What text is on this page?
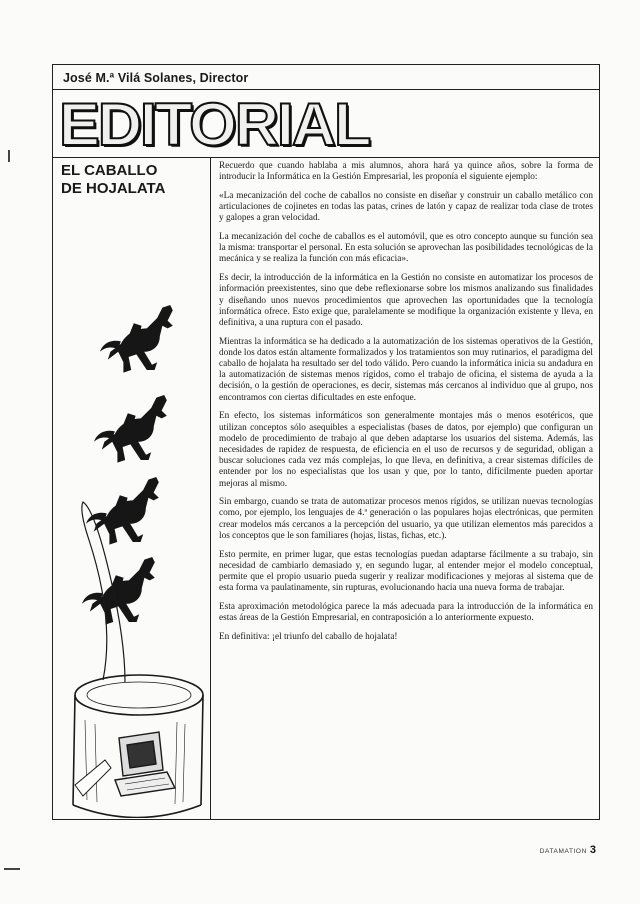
José M.ª Vilá Solanes, Director
EDITORIAL
EL CABALLO
DE HOJALATA

Recuerdo que cuando hablaba a mis alumnos, ahora hará ya quince años, sobre la forma de introducir la Informática en la Gestión Empresarial, les proponía el siguiente ejemplo:

«La mecanización del coche de caballos no consiste en diseñar y construir un caballo metálico con articulaciones de cojinetes en todas las patas, crines de latón y capaz de realizar toda clase de trotes y galopes a gran velocidad.

La mecanización del coche de caballos es el automóvil, que es otro concepto aunque su función sea la misma: transportar el personal. En esta solución se aprovechan las posibilidades tecnológicas de la mecánica y se realiza la función con más eficacia».

Es decir, la introducción de la informática en la Gestión no consiste en automatizar los procesos de información preexistentes, sino que debe reflexionarse sobre los mismos analizando sus finalidades y diseñando unos nuevos procedimientos que aprovechen las oportunidades que la tecnología informática ofrece. Esto exige que, paralelamente se modifique la organización existente y lleva, en definitiva, a una ruptura con el pasado.

Mientras la informática se ha dedicado a la automatización de los sistemas operativos de la Gestión, donde los datos están altamente formalizados y los tratamientos son muy rutinarios, el paradigma del caballo de hojalata ha resultado ser del todo válido. Pero cuando la informática inicia su andadura en la automatización de sistemas menos rígidos, como el trabajo de oficina, el sistema de ayuda a la decisión, o la gestión de operaciones, es decir, sistemas más cercanos al individuo que al grupo, nos encontramos con ciertas dificultades en este enfoque.

En efecto, los sistemas informáticos son generalmente montajes más o menos esotéricos, que utilizan conceptos sólo asequibles a especialistas (bases de datos, por ejemplo) que configuran un modelo de procedimiento de trabajo al que deben adaptarse los usuarios del sistema. Además, las necesidades de rapidez de respuesta, de eficiencia en el uso de recursos y de seguridad, obligan a buscar soluciones cada vez más complejas, lo que lleva, en definitiva, a crear sistemas difíciles de entender por los no especialistas que los usan y que, por lo tanto, difícilmente pueden aportar mejoras al mismo.

Sin embargo, cuando se trata de automatizar procesos menos rígidos, se utilizan nuevas tecnologías como, por ejemplo, los lenguajes de 4.ª generación o las populares hojas electrónicas, que permiten crear modelos más cercanos a la percepción del usuario, ya que utilizan elementos más parecidos a los conceptos que le son familiares (hojas, listas, fichas, etc.).

Esto permite, en primer lugar, que estas tecnologías puedan adaptarse fácilmente a su trabajo, sin necesidad de cambiarlo demasiado y, en segundo lugar, al entender mejor el modelo conceptual, permite que el propio usuario pueda sugerir y realizar modificaciones y mejoras al sistema que de esta forma va paulatinamente, sin rupturas, evolucionando hacia una nueva forma de trabajar.

Esta aproximación metodológica parece la más adecuada para la introducción de la informática en estas áreas de la Gestión Empresarial, en contraposición a lo anteriormente expuesto.

En definitiva: ¡el triunfo del caballo de hojalata!

DATAMATION 3
